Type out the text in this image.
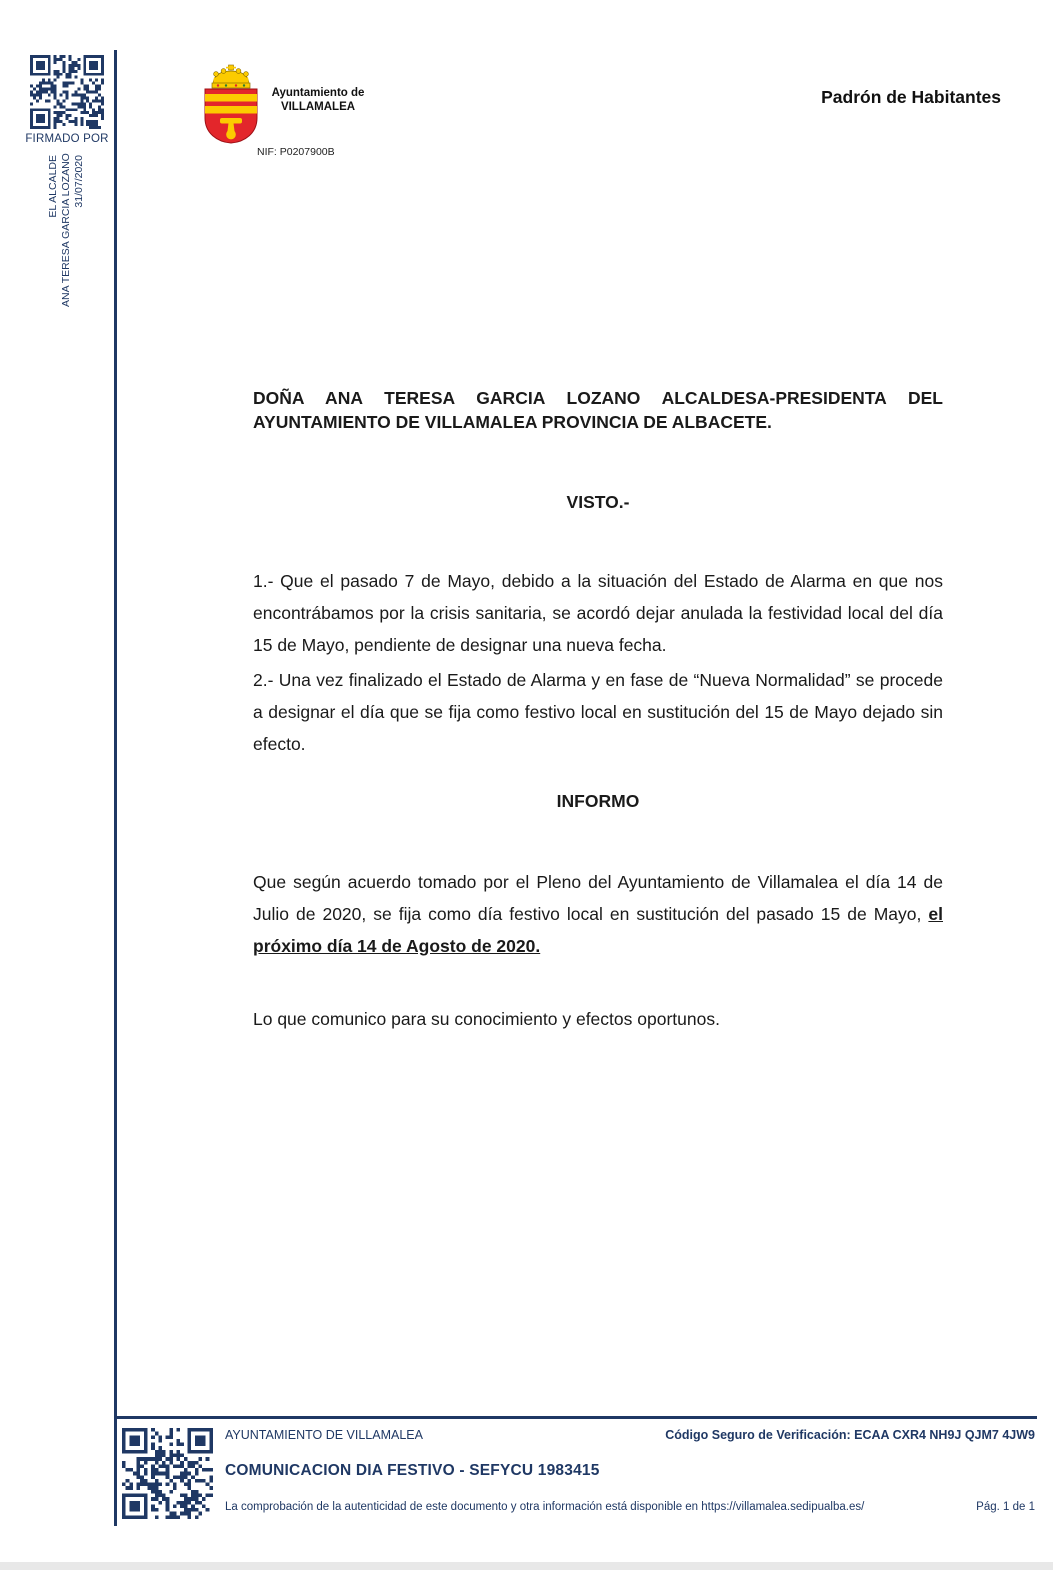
FIRMADO POR
EL ALCALDE ANA TERESA GARCIA LOZANO 31/07/2020
Ayuntamiento de
VILLAMALEA
NIF: P0207900B
Padrón de Habitantes
DOÑA ANA TERESA GARCIA LOZANO ALCALDESA-PRESIDENTA DEL AYUNTAMIENTO DE VILLAMALEA PROVINCIA DE ALBACETE.
VISTO.-
1.- Que el pasado 7 de Mayo, debido a la situación del Estado de Alarma en que nos encontrábamos por la crisis sanitaria, se acordó dejar anulada la festividad local del día 15 de Mayo, pendiente de designar una nueva fecha.
2.- Una vez finalizado el Estado de Alarma y en fase de “Nueva Normalidad” se procede a designar el día que se fija como festivo local en sustitución del 15 de Mayo dejado sin efecto.
INFORMO
Que según acuerdo tomado por el Pleno del Ayuntamiento de Villamalea el día 14 de Julio de 2020, se fija como día festivo local en sustitución del pasado 15 de Mayo, el próximo día 14 de Agosto de 2020.
Lo que comunico para su conocimiento y efectos oportunos.
AYUNTAMIENTO DE VILLAMALEA	Código Seguro de Verificación: ECAA CXR4 NH9J QJM7 4JW9
COMUNICACION DIA FESTIVO - SEFYCU 1983415
La comprobación de la autenticidad de este documento y otra información está disponible en https://villamalea.sedipualba.es/	Pág. 1 de 1
